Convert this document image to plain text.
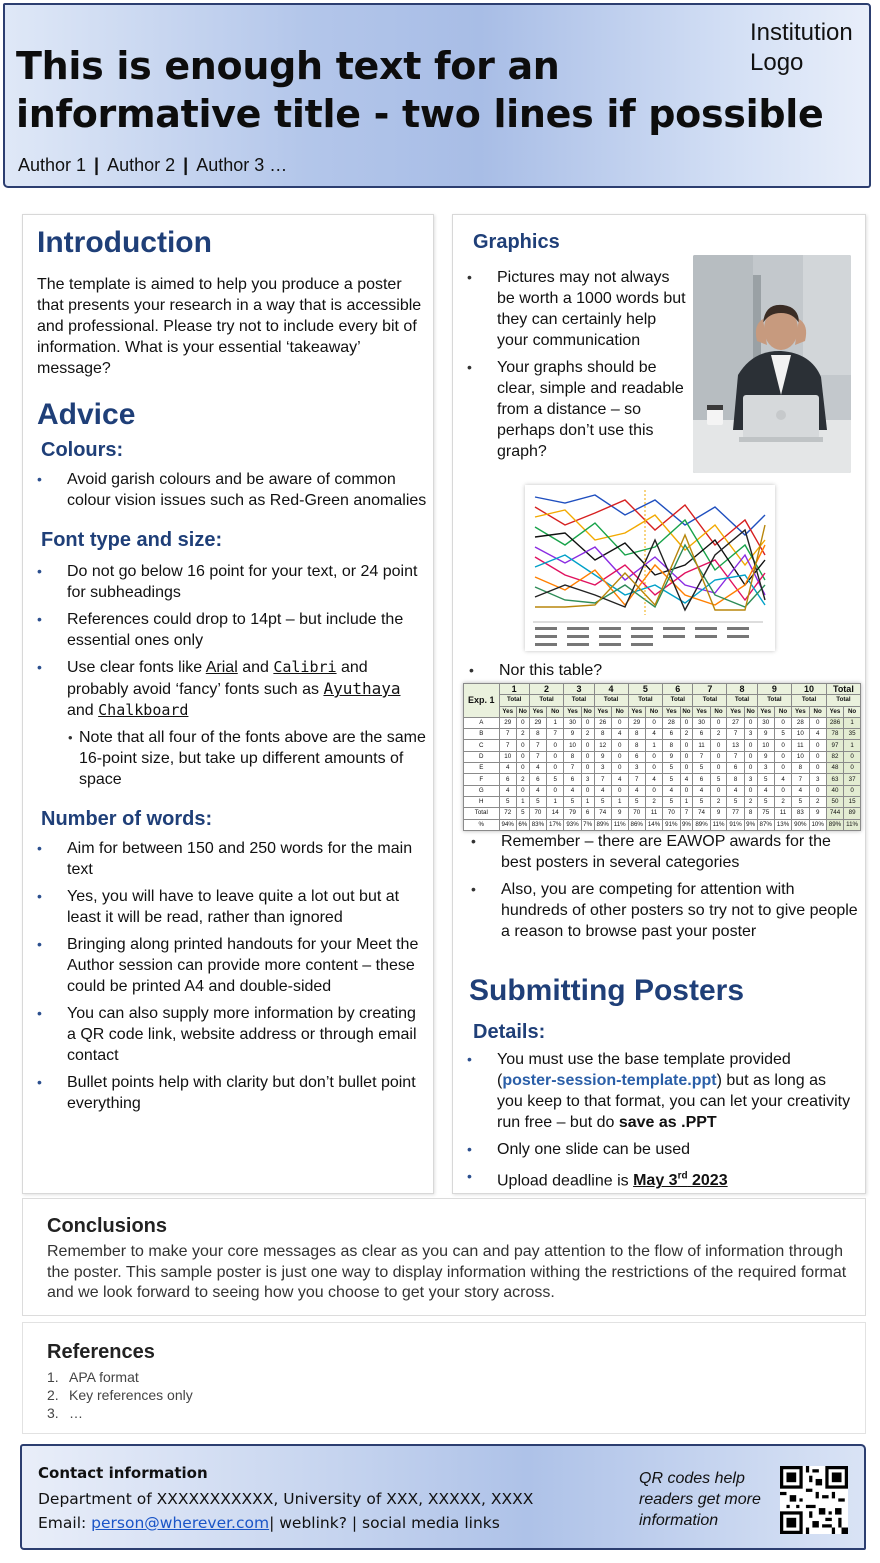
This is enough text for an
informative title - two lines if possible
Institution
Logo
Author 1 | Author 2 | Author 3 …
Introduction

The template is aimed to help you produce a poster that presents your research in a way that is accessible and professional. Please try not to include every bit of information. What is your essential ‘takeaway’ message?

Advice
Colours:
• Avoid garish colours and be aware of common colour vision issues such as Red-Green anomalies
Font type and size:
• Do not go below 16 point for your text, or 24 point for subheadings
• References could drop to 14pt – but include the essential ones only
• Use clear fonts like Arial and Calibri and probably avoid ‘fancy’ fonts such as Ayuthaya and Chalkboard
• Note that all four of the fonts above are the same 16-point size, but take up different amounts of space
Number of words:
• Aim for between 150 and 250 words for the main text
• Yes, you will have to leave quite a lot out but at least it will be read, rather than ignored
• Bringing along printed handouts for your Meet the Author session can provide more content – these could be printed A4 and double-sided
• You can also supply more information by creating a QR code link, website address or through email contact
• Bullet points help with clarity but don’t bullet point everything
Graphics
• Pictures may not always be worth a 1000 words but they can certainly help your communication
• Your graphs should be clear, simple and readable from a distance – so perhaps don’t use this graph?
• Nor this table?
Exp. 1	1		2		3		4		5		6		7		8		9		10		Total	
	Total		Total		Total		Total		Total		Total		Total		Total		Total		Total		Total	
	Yes	No	Yes	No	Yes	No	Yes	No	Yes	No	Yes	No	Yes	No	Yes	No	Yes	No	Yes	No	Yes	No
A	29	0	29	1	30	0	26	0	29	0	28	0	30	0	27	0	30	0	28	0	286	1
B	7	2	8	7	9	2	8	4	8	4	6	2	6	2	7	3	9	5	10	4	78	35
C	7	0	7	0	10	0	12	0	8	1	8	0	11	0	13	0	10	0	11	0	97	1
D	10	0	7	0	8	0	9	0	6	0	9	0	7	0	7	0	9	0	10	0	82	0
E	4	0	4	0	7	0	3	0	3	0	5	0	5	0	6	0	3	0	8	0	48	0
F	6	2	6	5	6	3	7	4	7	4	5	4	6	5	8	3	5	4	7	3	63	37
G	4	0	4	0	4	0	4	0	4	0	4	0	4	0	4	0	4	0	4	0	40	0
H	5	1	5	1	5	1	5	1	5	2	5	1	5	2	5	2	5	2	5	2	50	15
Total	72	5	70	14	79	6	74	9	70	11	70	7	74	9	77	8	75	11	83	9	744	89
%	94%	6%	83%	17%	93%	7%	89%	11%	86%	14%	91%	9%	89%	11%	91%	9%	87%	13%	90%	10%	89%	11%
• Remember – there are EAWOP awards for the best posters in several categories
• Also, you are competing for attention with hundreds of other posters so try not to give people a reason to browse past your poster
Submitting Posters
Details:
• You must use the base template provided (poster-session-template.ppt) but as long as you keep to that format, you can let your creativity run free – but do save as .PPT
• Only one slide can be used
• Upload deadline is May 3rd 2023
Conclusions

Remember to make your core messages as clear as you can and pay attention to the flow of information through the poster. This sample poster is just one way to display information withing the restrictions of the required format and we look forward to seeing how you choose to get your story across.

References
1. APA format
2. Key references only
3. …
Contact information
Department of XXXXXXXXXXX, University of XXX, XXXXX, XXXX
Email: person@wherever.com| weblink? | social media links
QR codes help
readers get more
information
